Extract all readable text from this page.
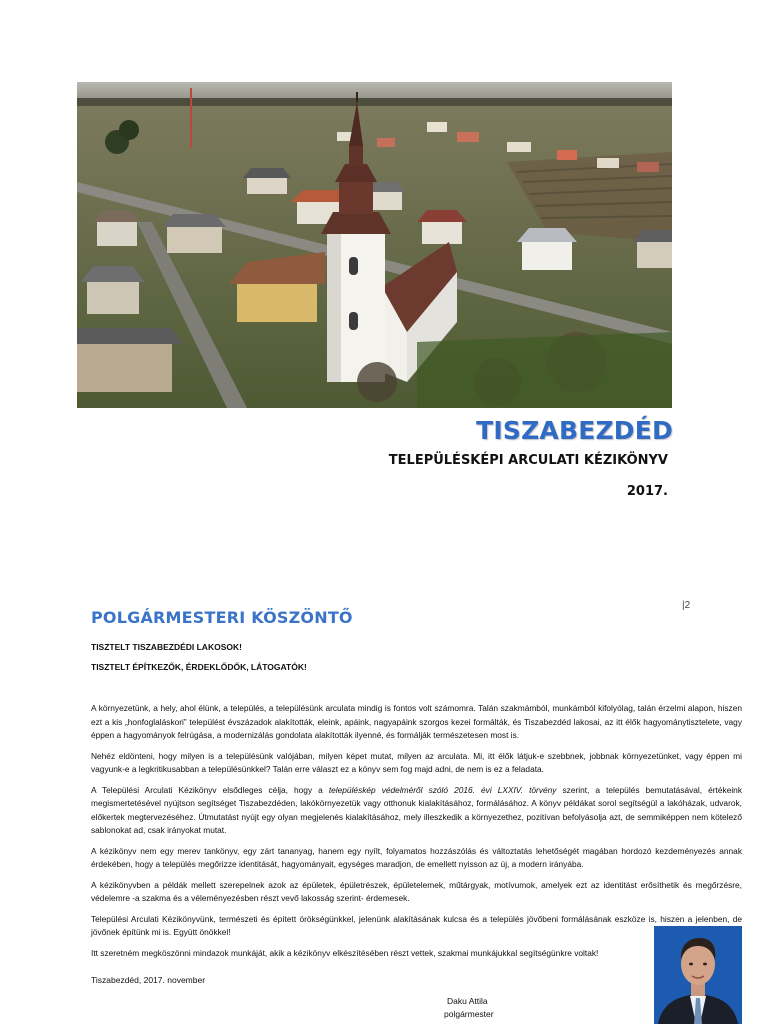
TISZABEZDÉD
TELEPÜLÉSKÉPI ARCULATI KÉZIKÖNYV
2017.
|2
POLGÁRMESTERI KÖSZÖNTŐ
TISZTELT TISZABEZDÉDI LAKOSOK!
TISZTELT ÉPÍTKEZŐK, ÉRDEKLŐDŐK, LÁTOGATÓK!

A környezetünk, a hely, ahol élünk, a település, a településünk arculata mindig is fontos volt számomra. Talán szakmámból, munkámból kifolyólag, talán érzelmi alapon, hiszen ezt a kis „honfoglaláskori” települést évszázadok alakították, eleink, apáink, nagyapáink szorgos kezei formálták, és Tiszabezdéd lakosai, az itt élők hagyománytisztelete, vagy éppen a hagyományok felrúgása, a modernizálás gondolata alakították ilyenné, és formálják természetesen most is.

Nehéz eldönteni, hogy milyen is a településünk valójában, milyen képet mutat, milyen az arculata. Mi, itt élők látjuk-e szebbnek, jobbnak környezetünket, vagy éppen mi vagyunk-e a legkritikusabban a településünkkel? Talán erre választ ez a könyv sem fog majd adni, de nem is ez a feladata.

A Települési Arculati Kézikönyv elsődleges célja, hogy a településkép védelméről szóló 2016. évi LXXIV. törvény szerint, a település bemutatásával, értékeink megismertetésével nyújtson segítséget Tiszabezdéden, lakókörnyezetük vagy otthonuk kialakításához, formálásához. A könyv példákat sorol segítségül a lakóházak, udvarok, előkertek megtervezéséhez. Útmutatást nyújt egy olyan megjelenés kialakításához, mely illeszkedik a környezethez, pozitívan befolyásolja azt, de semmiképpen nem kötelező sablonokat ad, csak irányokat mutat.

A kézikönyv nem egy merev tankönyv, egy zárt tananyag, hanem egy nyílt, folyamatos hozzászólás és változtatás lehetőségét magában hordozó kezdeményezés annak érdekében, hogy a település megőrizze identitását, hagyományait, egységes maradjon, de emellett nyisson az új, a modern irányába.

A kézikönyvben a példák mellett szerepelnek azok az épületek, épületrészek, épületelemek, műtárgyak, motívumok, amelyek ezt az identitást erősíthetik és megőrzésre, védelemre -a szakma és a véleményezésben részt vevő lakosság szerint- érdemesek.

Települési Arculati Kézikönyvünk, természeti és épített örökségünkkel, jelenünk alakításának kulcsa és a település jövőbeni formálásának eszköze is, hiszen a jelenben, de jövőnek építünk mi is. Együtt önökkel!

Itt szeretném megköszönni mindazok munkáját, akik a kézikönyv elkészítésében részt vettek, szakmai munkájukkal segítségünkre voltak!

Tiszabezdéd, 2017. november
Daku Attila
polgármester
